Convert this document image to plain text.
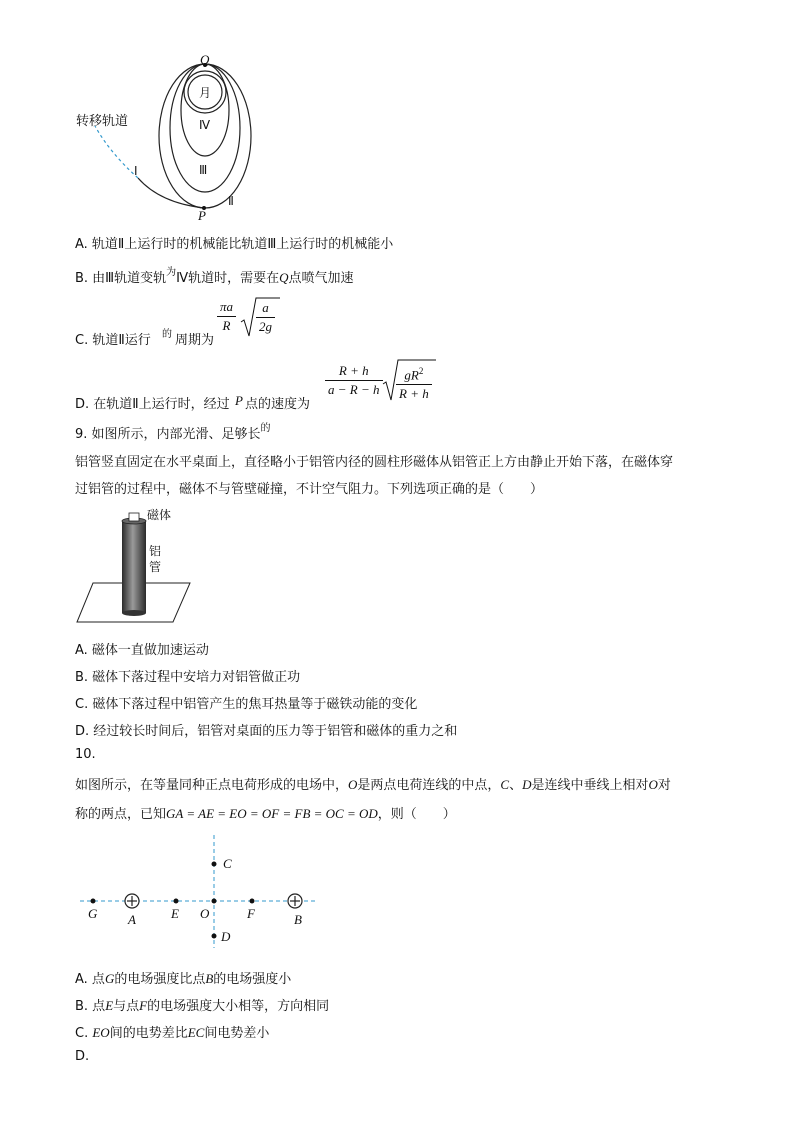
Q
月
Ⅳ
Ⅲ
Ⅱ
Ⅰ
P
转移轨道
A. 轨道Ⅱ上运行时的机械能比轨道Ⅲ上运行时的机械能小
B. 由Ⅲ轨道变轨$^为$Ⅳ轨道时，需要在Q点喷气加速
C. 轨道Ⅱ运行 的 周期为
$\frac{\pi a}{R} \frac{a}{2g}$
D. 在轨道Ⅱ上运行时，经过 P 点的速度为
$\frac{R + h}{a - R - h} \frac{gR^2}{R + h}$
9. 如图所示，内部光滑、足够长$^的$
铝管竖直固定在水平桌面上，直径略小于铝管内径的圆柱形磁体从铝管正上方由静止开始下落，在磁体穿
过铝管的过程中，磁体不与管壁碰撞，不计空气阻力。下列选项正确的是（　　）
磁体
铝
管
A. 磁体一直做加速运动
B. 磁体下落过程中安培力对铝管做正功
C. 磁体下落过程中铝管产生的焦耳热量等于磁铁动能的变化
D. 经过较长时间后，铝管对桌面的压力等于铝管和磁体的重力之和
10.
如图所示，在等量同种正点电荷形成的电场中，O是两点电荷连线的中点，C、D是连线中垂线上相对O对
称的两点，已知GA = AE = EO = OF = FB = OC = OD，则（　　）
G A	E O	F	B
C
D
A. 点G的电场强度比点B的电场强度小
B. 点E与点F的电场强度大小相等，方向相同
C. EO间的电势差比EC间电势差小
D.
